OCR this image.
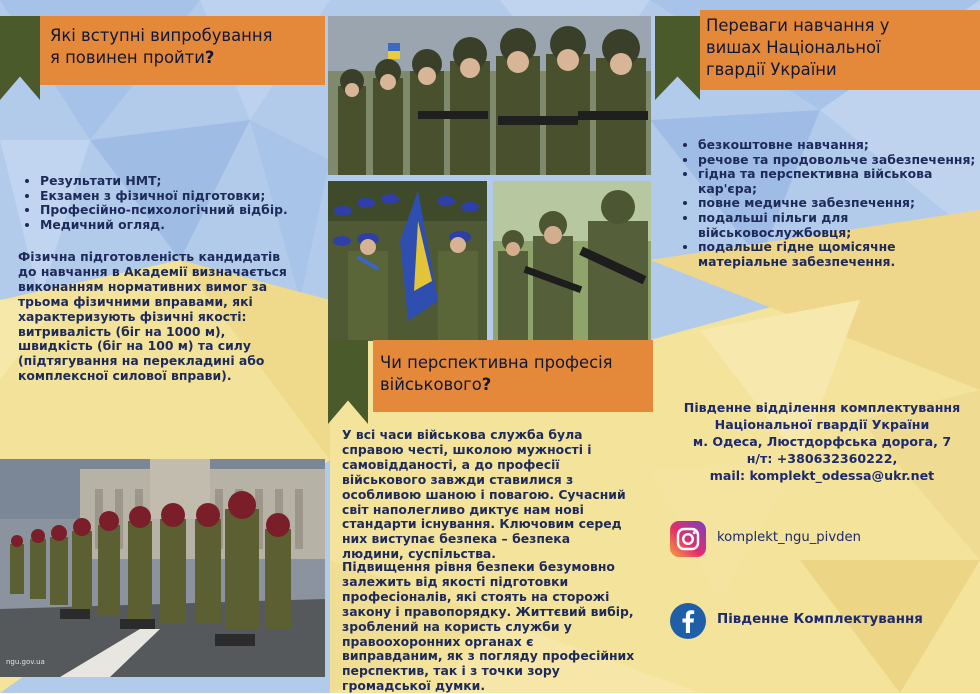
Які вступні випробування
я повинен пройти?
• Результати НМТ;
• Екзамен з фізичної підготовки;
• Професійно-психологічний відбір.
• Медичний огляд.

Фізична підготовленість кандидатів до навчання в Академії визначається виконанням нормативних вимог за трьома фізичними вправами, які характеризують фізичні якості: витривалість (біг на 1000 м), швидкість (біг на 100 м) та силу (підтягування на перекладині або комплексної силової вправи).

ngu.gov.ua
Чи перспективна професія
військового?

У всі часи військова служба була справою честі, школою мужності і самовідданості, а до професії військового завжди ставилися з особливою шаною і повагою. Сучасний світ наполегливо диктує нам нові стандарти існування. Ключовим серед них виступає безпека – безпека людини, суспільства.

Підвищення рівня безпеки безумовно залежить від якості підготовки професіоналів, які стоять на сторожі закону і правопорядку. Життєвий вибір, зроблений на користь служби у правоохоронних органах є виправданим, як з погляду професійних перспектив, так і з точки зору громадської думки.

Переваги навчання у
вишах Національної
гвардії України
• безкоштовне навчання;
• речове та продовольче забезпечення;
• гідна та перспективна військова кар'єра;
• повне медичне забезпечення;
• подальші пільги для військовослужбовця;
• подальше гідне щомісячне матеріальне забезпечення.
Південне відділення комплектування
Національної гвардії України
м. Одеса, Люстдорфська дорога, 7
н/т: +380632360222,
mail: komplekt_odessa@ukr.net
komplekt_ngu_pivden
Південне Комплектування
